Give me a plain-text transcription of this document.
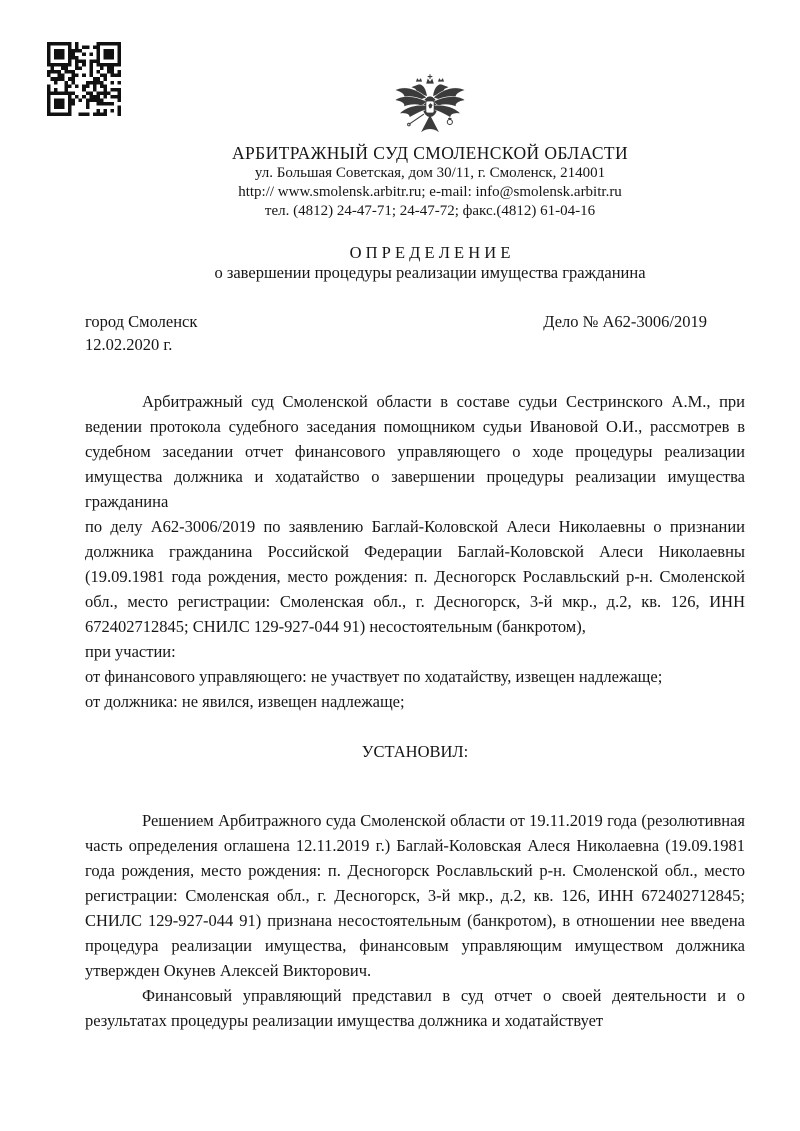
АРБИТРАЖНЫЙ СУД СМОЛЕНСКОЙ ОБЛАСТИ
ул. Большая Советская, дом 30/11, г. Смоленск, 214001
http:// www.smolensk.arbitr.ru; e-mail: info@smolensk.arbitr.ru
тел. (4812) 24-47-71; 24-47-72; факс.(4812) 61-04-16
О П Р Е Д Е Л Е Н И Е
о завершении процедуры реализации имущества гражданина
город Смоленск	Дело № А62-3006/2019
12.02.2020 г.

Арбитражный суд Смоленской области в составе судьи Сестринского А.М., при ведении протокола судебного заседания помощником судьи Ивановой О.И., рассмотрев в судебном заседании отчет финансового управляющего о ходе процедуры реализации имущества должника и ходатайство о завершении процедуры реализации имущества гражданина

по делу А62-3006/2019 по заявлению Баглай-Коловской Алеси Николаевны о признании должника гражданина Российской Федерации Баглай-Коловской Алеси Николаевны (19.09.1981 года рождения, место рождения: п. Десногорск Рославльский р-н. Смоленской обл., место регистрации: Смоленская обл., г. Десногорск, 3-й мкр., д.2, кв. 126, ИНН 672402712845; СНИЛС 129-927-044 91) несостоятельным (банкротом),

при участии:

от финансового управляющего: не участвует по ходатайству, извещен надлежаще;

от должника: не явился, извещен надлежаще;

УСТАНОВИЛ:

Решением Арбитражного суда Смоленской области от 19.11.2019 года (резолютивная часть определения оглашена 12.11.2019 г.) Баглай-Коловская Алеся Николаевна (19.09.1981 года рождения, место рождения: п. Десногорск Рославльский р-н. Смоленской обл., место регистрации: Смоленская обл., г. Десногорск, 3-й мкр., д.2, кв. 126, ИНН 672402712845; СНИЛС 129-927-044 91) признана несостоятельным (банкротом), в отношении нее введена процедура реализации имущества, финансовым управляющим имуществом должника утвержден Окунев Алексей Викторович.

Финансовый управляющий представил в суд отчет о своей деятельности и о результатах процедуры реализации имущества должника и ходатайствует
